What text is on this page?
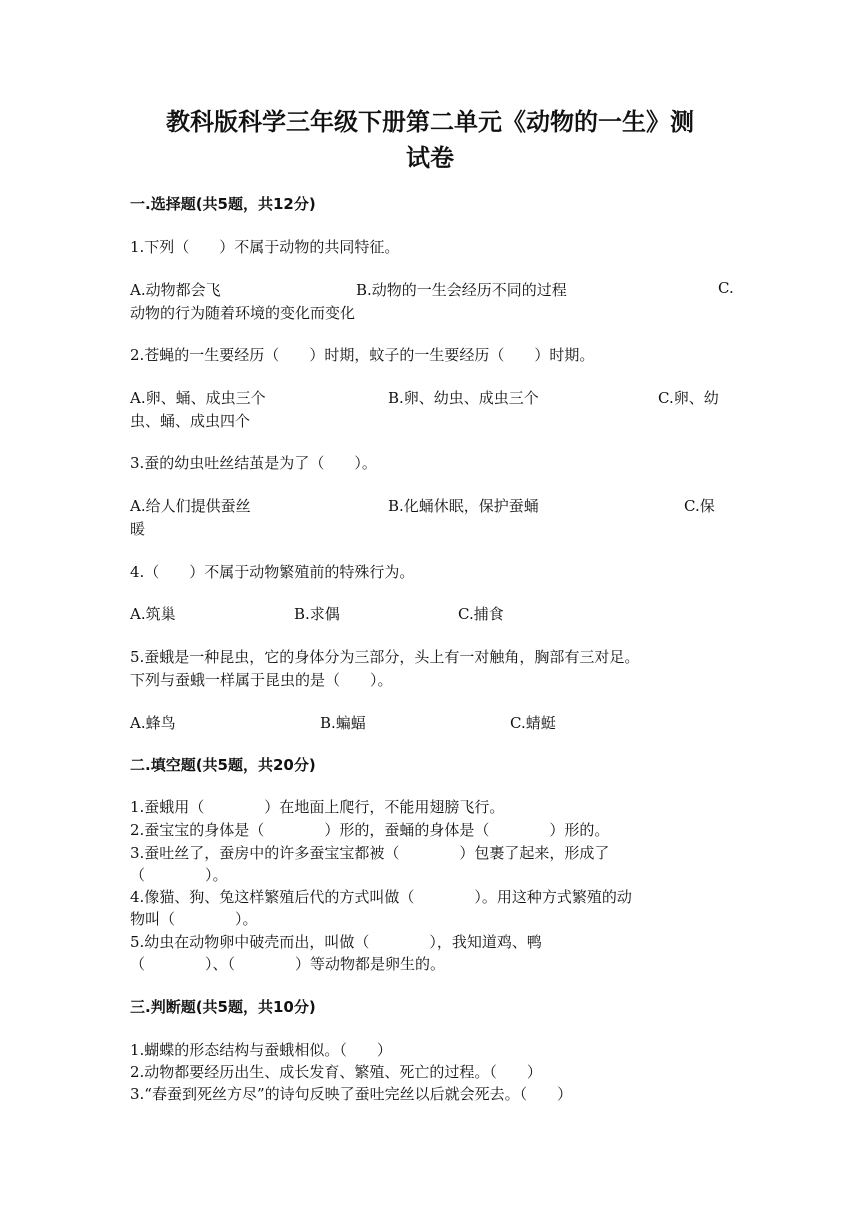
教科版科学三年级下册第二单元《动物的一生》测
试卷
一.选择题(共5题，共12分)
1.下列（　　）不属于动物的共同特征。
A.动物都会飞	B.动物的一生会经历不同的过程	C.
动物的行为随着环境的变化而变化
2.苍蝇的一生要经历（　　）时期，蚊子的一生要经历（　　）时期。
A.卵、蛹、成虫三个	B.卵、幼虫、成虫三个	C.卵、幼
虫、蛹、成虫四个
3.蚕的幼虫吐丝结茧是为了（　　）。
A.给人们提供蚕丝	B.化蛹休眠，保护蚕蛹	C.保
暖
4.（　　）不属于动物繁殖前的特殊行为。
A.筑巢	B.求偶	C.捕食
5.蚕蛾是一种昆虫，它的身体分为三部分，头上有一对触角，胸部有三对足。
下列与蚕蛾一样属于昆虫的是（　　）。
A.蜂鸟	B.蝙蝠	C.蜻蜓
二.填空题(共5题，共20分)
1.蚕蛾用（　　　　）在地面上爬行，不能用翅膀飞行。
2.蚕宝宝的身体是（　　　　）形的，蚕蛹的身体是（　　　　）形的。
3.蚕吐丝了，蚕房中的许多蚕宝宝都被（　　　　）包裹了起来，形成了
（　　　　）。
4.像猫、狗、兔这样繁殖后代的方式叫做（　　　　）。用这种方式繁殖的动
物叫（　　　　）。
5.幼虫在动物卵中破壳而出，叫做（　　　　），我知道鸡、鸭
（　　　　）、（　　　　）等动物都是卵生的。
三.判断题(共5题，共10分)
1.蝴蝶的形态结构与蚕蛾相似。（　　）
2.动物都要经历出生、成长发育、繁殖、死亡的过程。（　　）
3.“春蚕到死丝方尽”的诗句反映了蚕吐完丝以后就会死去。（　　）
